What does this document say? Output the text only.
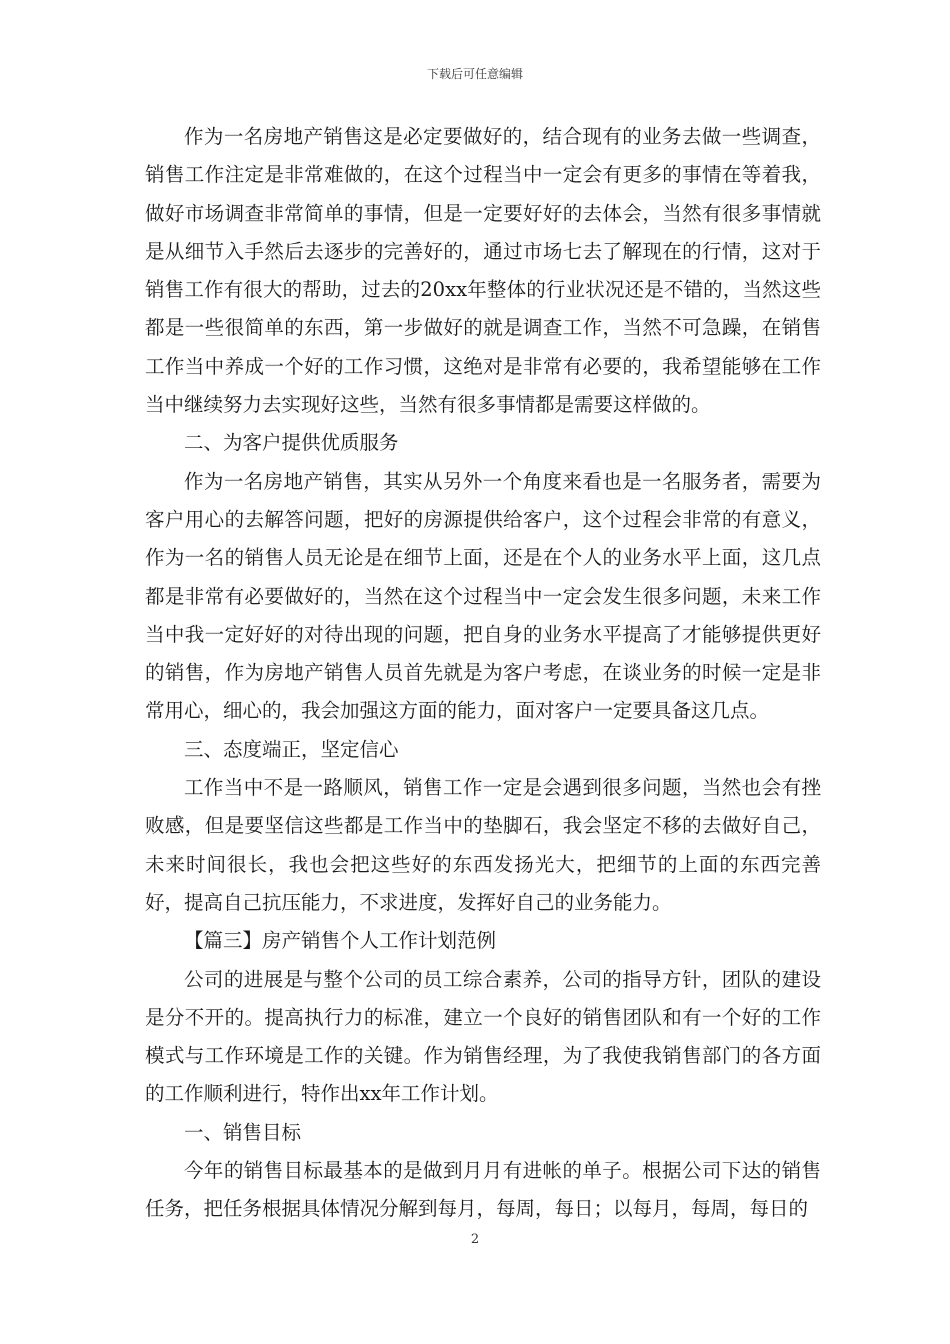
下载后可任意编辑

作为一名房地产销售这是必定要做好的，结合现有的业务去做一些调查，销售工作注定是非常难做的，在这个过程当中一定会有更多的事情在等着我，做好市场调查非常简单的事情，但是一定要好好的去体会，当然有很多事情就是从细节入手然后去逐步的完善好的，通过市场七去了解现在的行情，这对于销售工作有很大的帮助，过去的20xx年整体的行业状况还是不错的，当然这些都是一些很简单的东西，第一步做好的就是调查工作，当然不可急躁，在销售工作当中养成一个好的工作习惯，这绝对是非常有必要的，我希望能够在工作当中继续努力去实现好这些，当然有很多事情都是需要这样做的。

二、为客户提供优质服务

作为一名房地产销售，其实从另外一个角度来看也是一名服务者，需要为客户用心的去解答问题，把好的房源提供给客户，这个过程会非常的有意义，作为一名的销售人员无论是在细节上面，还是在个人的业务水平上面，这几点都是非常有必要做好的，当然在这个过程当中一定会发生很多问题，未来工作当中我一定好好的对待出现的问题，把自身的业务水平提高了才能够提供更好的销售，作为房地产销售人员首先就是为客户考虑，在谈业务的时候一定是非常用心，细心的，我会加强这方面的能力，面对客户一定要具备这几点。

三、态度端正，坚定信心

工作当中不是一路顺风，销售工作一定是会遇到很多问题，当然也会有挫败感，但是要坚信这些都是工作当中的垫脚石，我会坚定不移的去做好自己，未来时间很长，我也会把这些好的东西发扬光大，把细节的上面的东西完善好，提高自己抗压能力，不求进度，发挥好自己的业务能力。

【篇三】房产销售个人工作计划范例

公司的进展是与整个公司的员工综合素养，公司的指导方针，团队的建设是分不开的。提高执行力的标准，建立一个良好的销售团队和有一个好的工作模式与工作环境是工作的关键。作为销售经理，为了我使我销售部门的各方面的工作顺利进行，特作出xx年工作计划。

一、销售目标

今年的销售目标最基本的是做到月月有进帐的单子。根据公司下达的销售任务，把任务根据具体情况分解到每月，每周，每日；以每月，每周，每日的

2
